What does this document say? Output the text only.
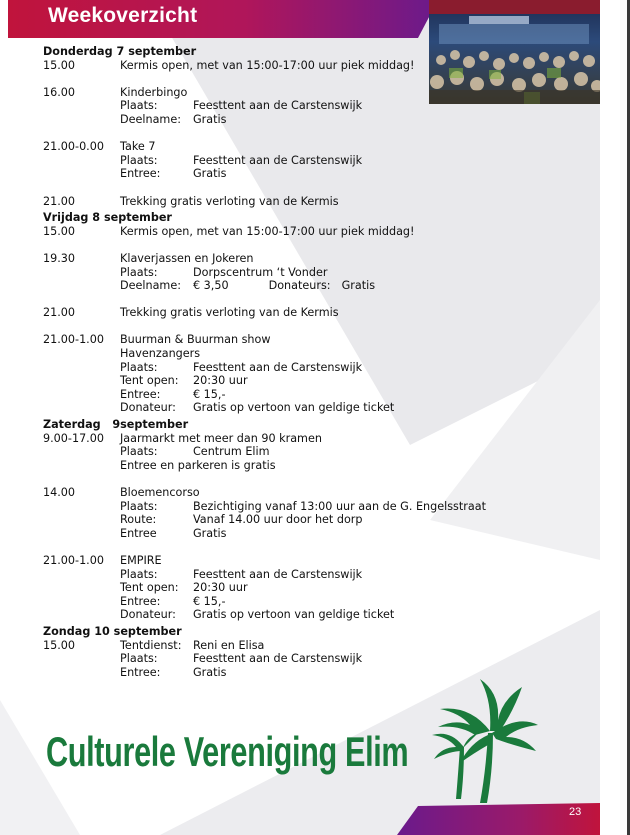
Weekoverzicht
Donderdag 7 september
15.00	Kermis open, met van 15:00-17:00 uur piek middag!
16.00	Kinderbingo
Plaats:	Feesttent aan de Carstenswijk
Deelname:	Gratis
21.00-0.00	Take 7
Plaats:	Feesttent aan de Carstenswijk
Entree:	Gratis
21.00	Trekking gratis verloting van de Kermis
Vrijdag 8 september
15.00	Kermis open, met van 15:00-17:00 uur piek middag!
19.30	Klaverjassen en Jokeren
Plaats:	Dorpscentrum ‘t Vonder
Deelname:	€ 3,50	Donateurs: Gratis
21.00	Trekking gratis verloting van de Kermis
21.00-1.00	Buurman & Buurman show
Havenzangers
Plaats:	Feesttent aan de Carstenswijk
Tent open:	20:30 uur
Entree:	€ 15,-
Donateur:	Gratis op vertoon van geldige ticket
Zaterdag   9september
9.00-17.00	Jaarmarkt met meer dan 90 kramen
Plaats:	Centrum Elim
Entree en parkeren is gratis
14.00	Bloemencorso
Plaats:	Bezichtiging vanaf 13:00 uur aan de G. Engelsstraat
Route:	Vanaf 14.00 uur door het dorp
Entree	Gratis
21.00-1.00	EMPIRE
Plaats:	Feesttent aan de Carstenswijk
Tent open:	20:30 uur
Entree:	€ 15,-
Donateur:	Gratis op vertoon van geldige ticket
Zondag 10 september
15.00	Tentdienst:	Reni en Elisa
Plaats:	Feesttent aan de Carstenswijk
Entree:	Gratis
Culturele Vereniging Elim
23
